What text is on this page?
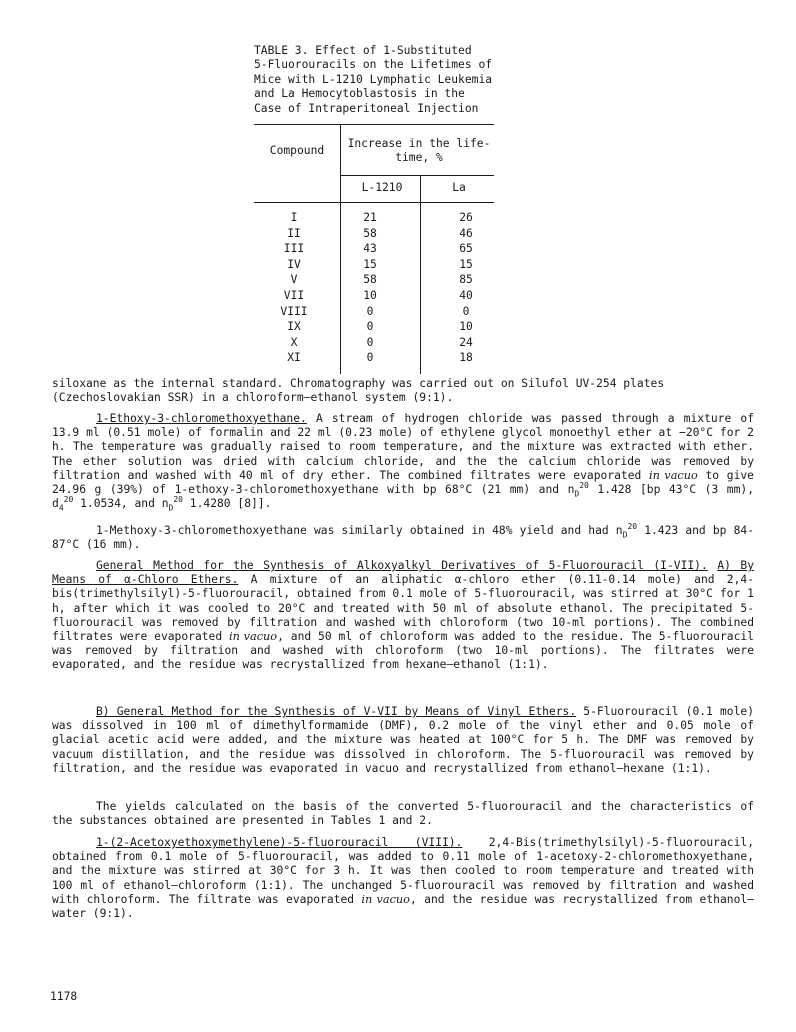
TABLE 3. Effect of 1-Substituted
5-Fluorouracils on the Lifetimes of
Mice with L-1210 Lymphatic Leukemia
and La Hemocytoblastosis in the
Case of Intraperitoneal Injection
Compound
Increase in the life-
time, %
L-1210	La
I	21	26
II	58	46
III	43	65
IV	15	15
V	58	85
VII	10	40
VIII	0	0
IX	0	10
X	0	24
XI	0	18
siloxane as the internal standard. Chromatography was carried out on Silufol UV-254 plates
(Czechoslovakian SSR) in a chloroform—ethanol system (9:1).
1-Ethoxy-3-chloromethoxyethane. A stream of hydrogen chloride was passed through a mixture of 13.9 ml (0.51 mole) of formalin and 22 ml (0.23 mole) of ethylene glycol monoethyl ether at −20°C for 2 h. The temperature was gradually raised to room temperature, and the mixture was extracted with ether. The ether solution was dried with calcium chloride, and the the calcium chloride was removed by filtration and washed with 40 ml of dry ether. The combined filtrates were evaporated in vacuo to give 24.96 g (39%) of 1-ethoxy-3-chloromethoxyethane with bp 68°C (21 mm) and $n_D^{20}$ 1.428 [bp 43°C (3 mm), $d_4^{20}$ 1.0534, and $n_D^{20}$ 1.4280 [8]].
1-Methoxy-3-chloromethoxyethane was similarly obtained in 48% yield and had $n_D^{20}$ 1.423 and bp 84-87°C (16 mm).
General Method for the Synthesis of Alkoxyalkyl Derivatives of 5-Fluorouracil (I-VII). A) By Means of α-Chloro Ethers. A mixture of an aliphatic α-chloro ether (0.11-0.14 mole) and 2,4-bis(trimethylsilyl)-5-fluorouracil, obtained from 0.1 mole of 5-fluorouracil, was stirred at 30°C for 1 h, after which it was cooled to 20°C and treated with 50 ml of absolute ethanol. The precipitated 5-fluorouracil was removed by filtration and washed with chloroform (two 10-ml portions). The combined filtrates were evaporated in vacuo, and 50 ml of chloroform was added to the residue. The 5-fluorouracil was removed by filtration and washed with chloroform (two 10-ml portions). The filtrates were evaporated, and the residue was recrystallized from hexane—ethanol (1:1).
B) General Method for the Synthesis of V-VII by Means of Vinyl Ethers. 5-Fluorouracil (0.1 mole) was dissolved in 100 ml of dimethylformamide (DMF), 0.2 mole of the vinyl ether and 0.05 mole of glacial acetic acid were added, and the mixture was heated at 100°C for 5 h. The DMF was removed by vacuum distillation, and the residue was dissolved in chloroform. The 5-fluorouracil was removed by filtration, and the residue was evaporated in vacuo and recrystallized from ethanol—hexane (1:1).
The yields calculated on the basis of the converted 5-fluorouracil and the characteristics of the substances obtained are presented in Tables 1 and 2.
1-(2-Acetoxyethoxymethylene)-5-fluorouracil (VIII). 2,4-Bis(trimethylsilyl)-5-fluorouracil, obtained from 0.1 mole of 5-fluorouracil, was added to 0.11 mole of 1-acetoxy-2-chloromethoxyethane, and the mixture was stirred at 30°C for 3 h. It was then cooled to room temperature and treated with 100 ml of ethanol—chloroform (1:1). The unchanged 5-fluorouracil was removed by filtration and washed with chloroform. The filtrate was evaporated in vacuo, and the residue was recrystallized from ethanol—water (9:1).
1178
